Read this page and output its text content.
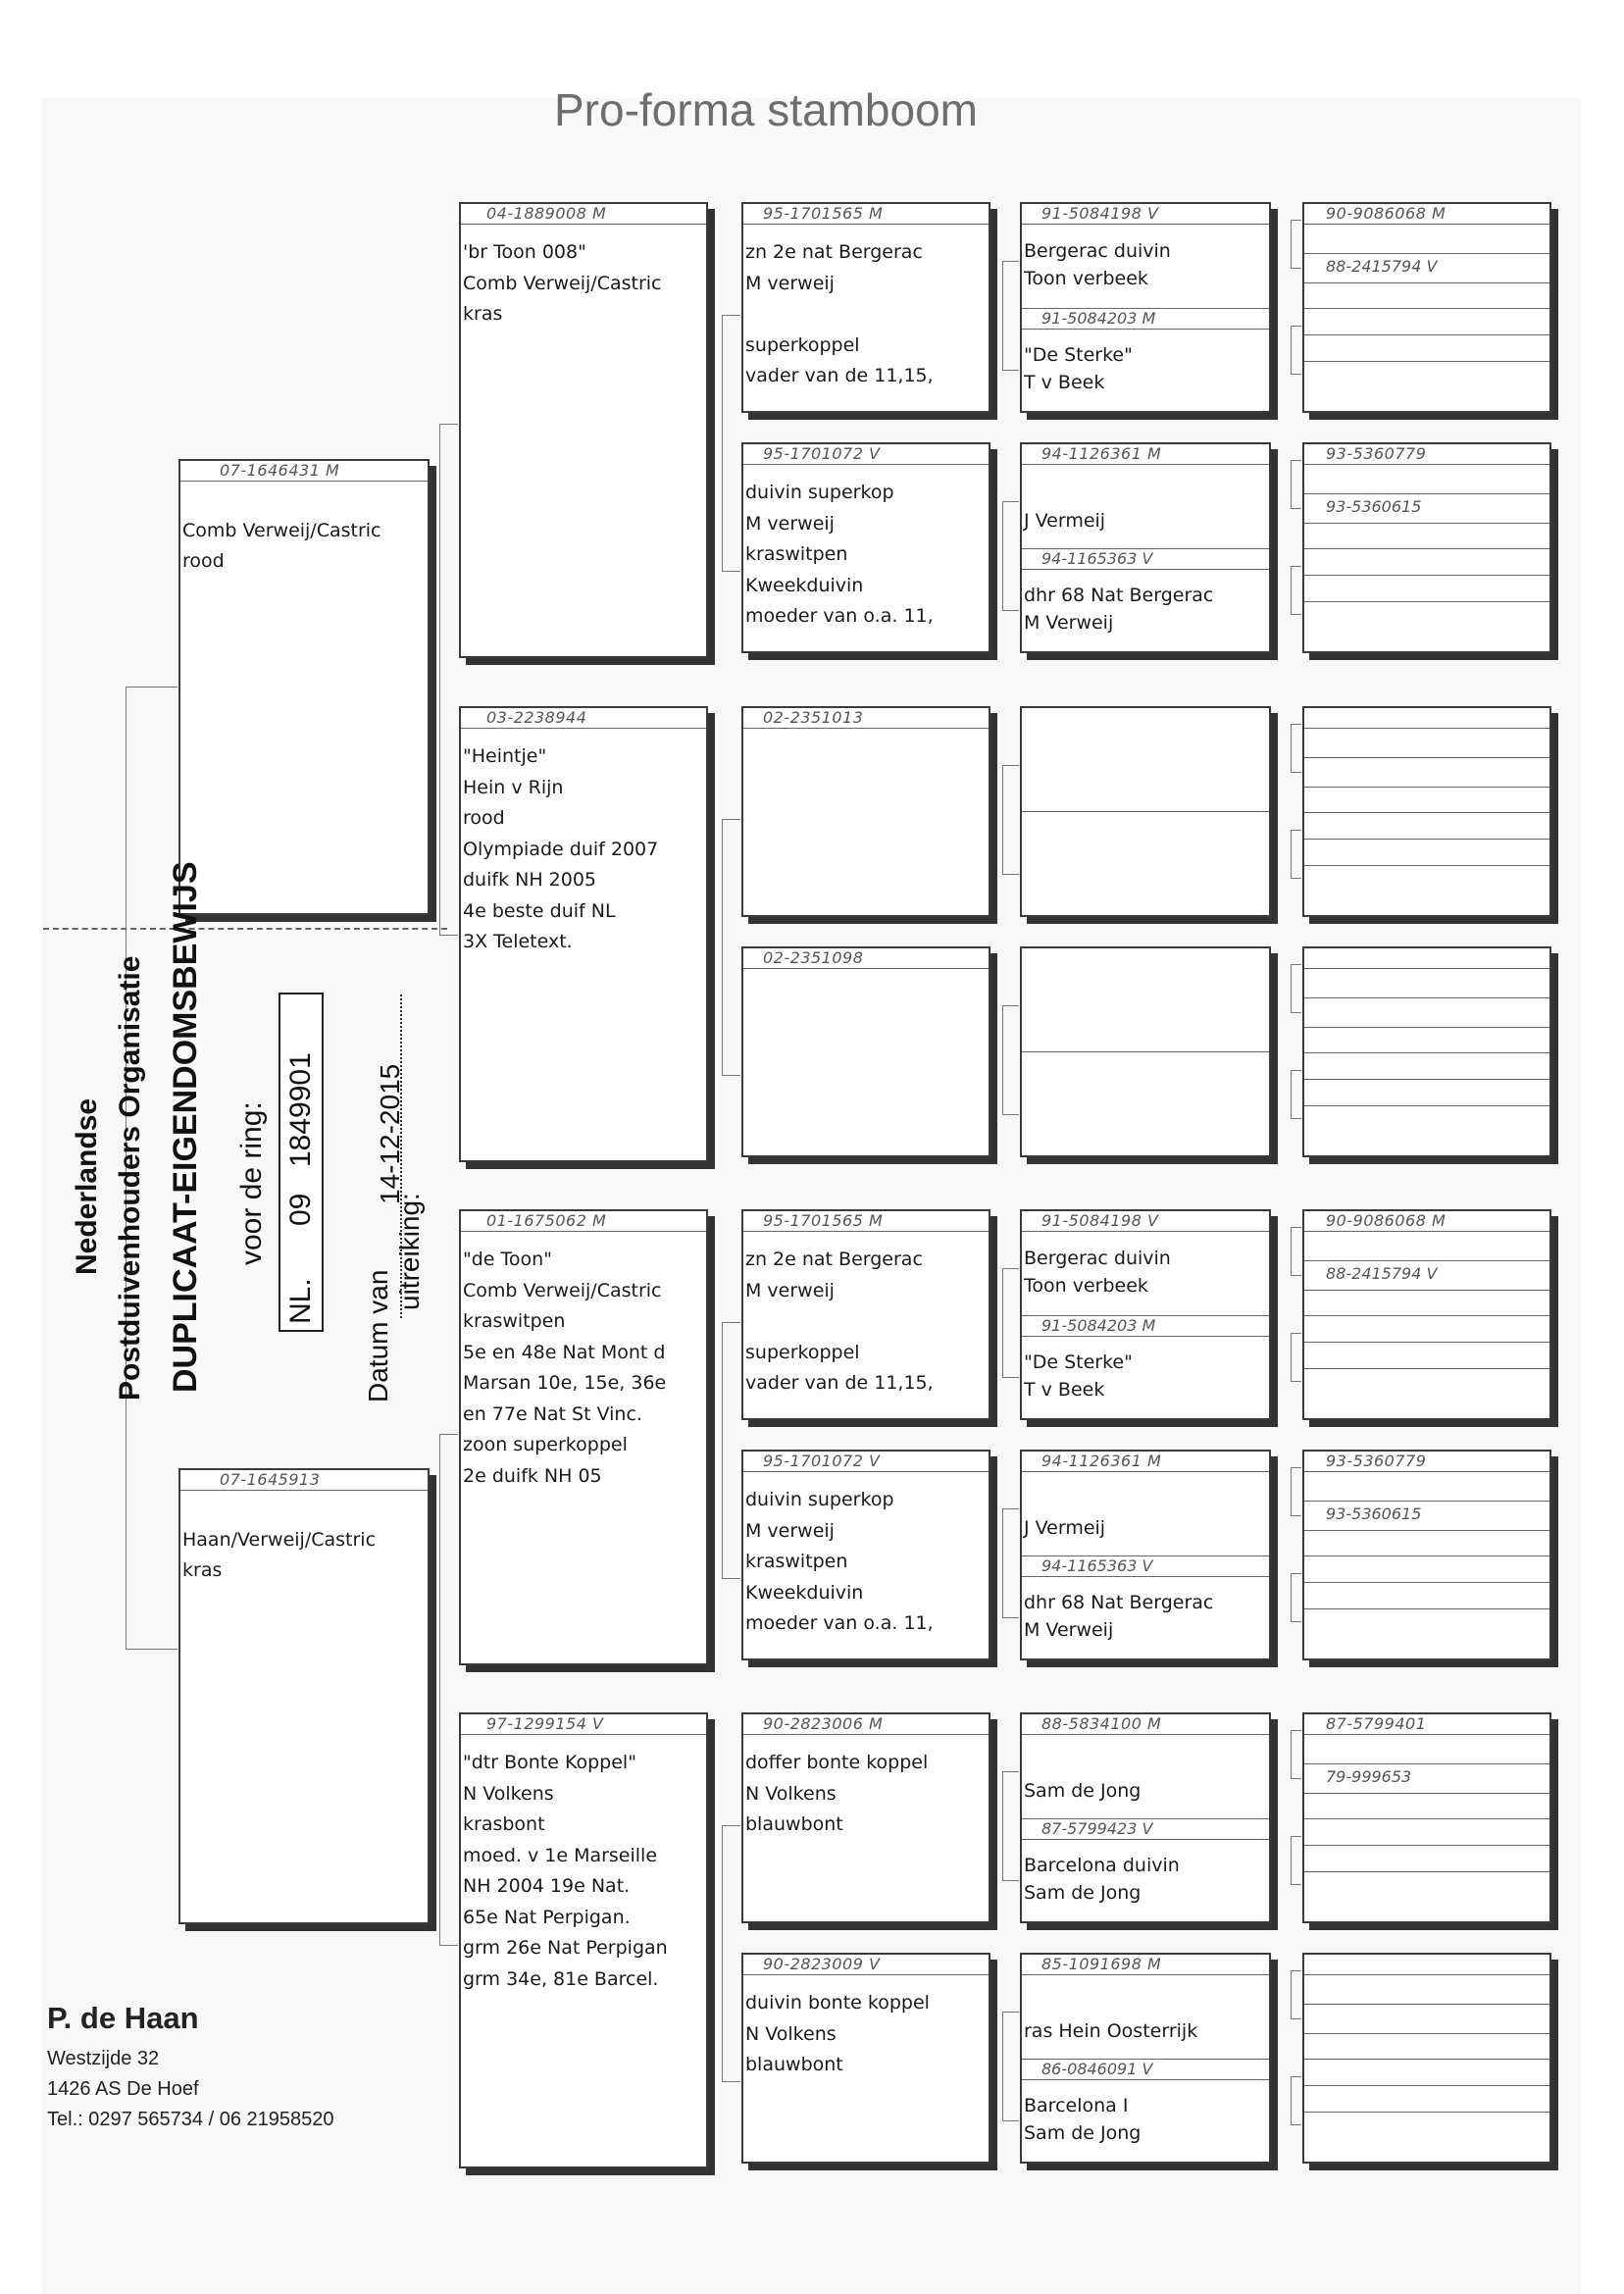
Pro-forma stamboom
07-1646431 M
Comb Verweij/Castric
rood
07-1645913
Haan/Verweij/Castric
kras
04-1889008 M
'br Toon 008"
Comb Verweij/Castric
kras
03-2238944
"Heintje"
Hein v Rijn
rood
Olympiade duif 2007
duifk NH 2005
4e beste duif NL
3X Teletext.
01-1675062 M
"de Toon"
Comb Verweij/Castric
kraswitpen
5e en 48e Nat Mont d
Marsan 10e, 15e, 36e
en 77e Nat St Vinc.
zoon superkoppel
2e duifk NH 05
97-1299154 V
"dtr Bonte Koppel"
N Volkens
krasbont
moed. v 1e Marseille
NH 2004 19e Nat.
65e Nat Perpigan.
grm 26e Nat Perpigan
grm 34e, 81e Barcel.
95-1701565 M
zn 2e nat Bergerac
M verweij
superkoppel
vader van de 11,15,
95-1701072 V
duivin superkop
M verweij
kraswitpen
Kweekduivin
moeder van o.a. 11,
02-2351013
02-2351098
95-1701565 M
zn 2e nat Bergerac
M verweij
superkoppel
vader van de 11,15,
95-1701072 V
duivin superkop
M verweij
kraswitpen
Kweekduivin
moeder van o.a. 11,
90-2823006 M
doffer bonte koppel
N Volkens
blauwbont
90-2823009 V
duivin bonte koppel
N Volkens
blauwbont
91-5084198 V
Bergerac duivin
Toon verbeek
91-5084203 M
"De Sterke"
T v Beek
94-1126361 M
J Vermeij
94-1165363 V
dhr 68 Nat Bergerac
M Verweij
91-5084198 V
Bergerac duivin
Toon verbeek
91-5084203 M
"De Sterke"
T v Beek
94-1126361 M
J Vermeij
94-1165363 V
dhr 68 Nat Bergerac
M Verweij
88-5834100 M
Sam de Jong
87-5799423 V
Barcelona duivin
Sam de Jong
85-1091698 M
ras Hein Oosterrijk
86-0846091 V
Barcelona I
Sam de Jong
90-9086068 M
88-2415794 V
93-5360779
93-5360615
90-9086068 M
88-2415794 V
93-5360779
93-5360615
87-5799401
79-999653
Nederlandse Postduivenhouders Organisatie DUPLICAAT-EIGENDOMSBEWIJS voor de ring:
NL.
09
1849901
Datum van
uitreiking:
14-12-2015
P. de Haan
Westzijde 32
1426 AS De Hoef
Tel.: 0297 565734 / 06 21958520
